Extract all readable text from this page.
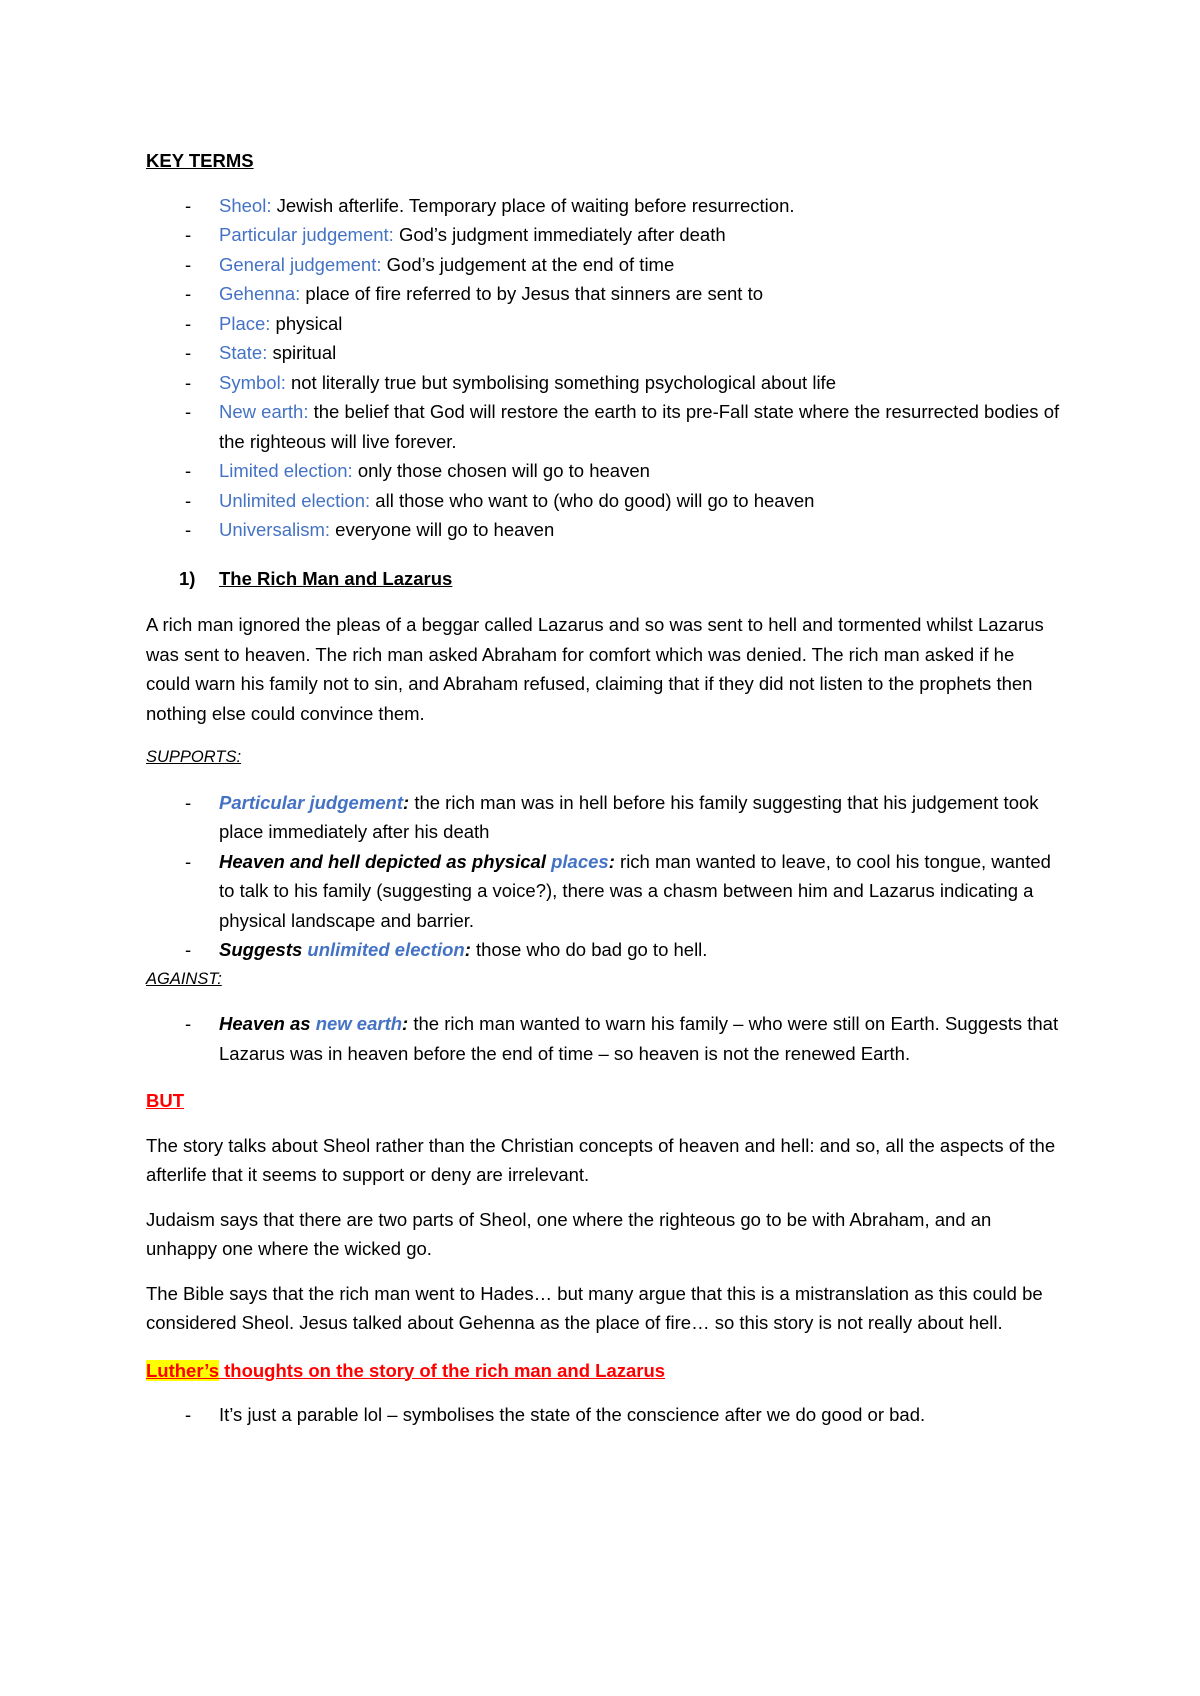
KEY TERMS
- Sheol: Jewish afterlife. Temporary place of waiting before resurrection.
- Particular judgement: God’s judgment immediately after death
- General judgement: God’s judgement at the end of time
- Gehenna: place of fire referred to by Jesus that sinners are sent to
- Place: physical
- State: spiritual
- Symbol: not literally true but symbolising something psychological about life
- New earth: the belief that God will restore the earth to its pre-Fall state where the resurrected bodies of the righteous will live forever.
- Limited election: only those chosen will go to heaven
- Unlimited election: all those who want to (who do good) will go to heaven
- Universalism: everyone will go to heaven
1)	The Rich Man and Lazarus

A rich man ignored the pleas of a beggar called Lazarus and so was sent to hell and tormented whilst Lazarus was sent to heaven. The rich man asked Abraham for comfort which was denied. The rich man asked if he could warn his family not to sin, and Abraham refused, claiming that if they did not listen to the prophets then nothing else could convince them.

SUPPORTS:
- Particular judgement: the rich man was in hell before his family suggesting that his judgement took place immediately after his death
- Heaven and hell depicted as physical places: rich man wanted to leave, to cool his tongue, wanted to talk to his family (suggesting a voice?), there was a chasm between him and Lazarus indicating a physical landscape and barrier.
- Suggests unlimited election: those who do bad go to hell.
AGAINST:
- Heaven as new earth: the rich man wanted to warn his family – who were still on Earth. Suggests that Lazarus was in heaven before the end of time – so heaven is not the renewed Earth.
BUT

The story talks about Sheol rather than the Christian concepts of heaven and hell: and so, all the aspects of the afterlife that it seems to support or deny are irrelevant.

Judaism says that there are two parts of Sheol, one where the righteous go to be with Abraham, and an unhappy one where the wicked go.

The Bible says that the rich man went to Hades… but many argue that this is a mistranslation as this could be considered Sheol. Jesus talked about Gehenna as the place of fire… so this story is not really about hell.

Luther’s thoughts on the story of the rich man and Lazarus
- It’s just a parable lol – symbolises the state of the conscience after we do good or bad.
